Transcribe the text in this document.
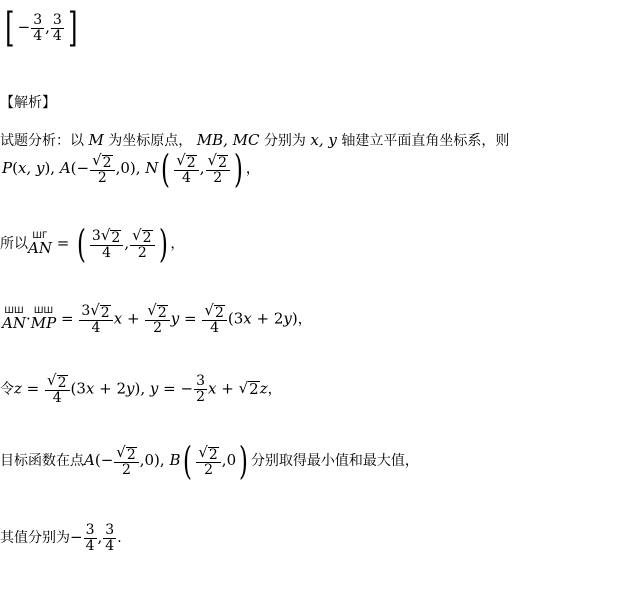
[ − $\frac{3}{4}$ , $\frac{3}{4}$ ]
【解析】
试题分析：以 M 为坐标原点， MB, MC 分别为 x, y 轴建立平面直角坐标系，则
P(x, y), $A(- \frac{√ 2}{2} ,0)$, $N( \frac{√ 2}{4}$ , $\frac{√ 2}{2}$ ) ，
所以 ШГ
AN = ( $\frac{3 √ 2}{4}$ , $\frac{√ 2}{2}$ ) ，
ШШ
AN · ШШ
MP = $\frac{3 √ 2}{4}$ $x + \frac{√ 2}{2}$ $y = \frac{√ 2}{4} (3x + 2y)$，
令$z = \frac{√ 2}{4} (3x + 2y)$, y = − $\frac{3}{2}$ x + √ 2 z，
目标函数在点$A(- \frac{√ 2}{2} ,0)$, $B( \frac{√ 2}{2} ,0)$ 分别取得最小值和最大值，
其值分别为− $\frac{3}{4}$ , $\frac{3}{4}$ .
